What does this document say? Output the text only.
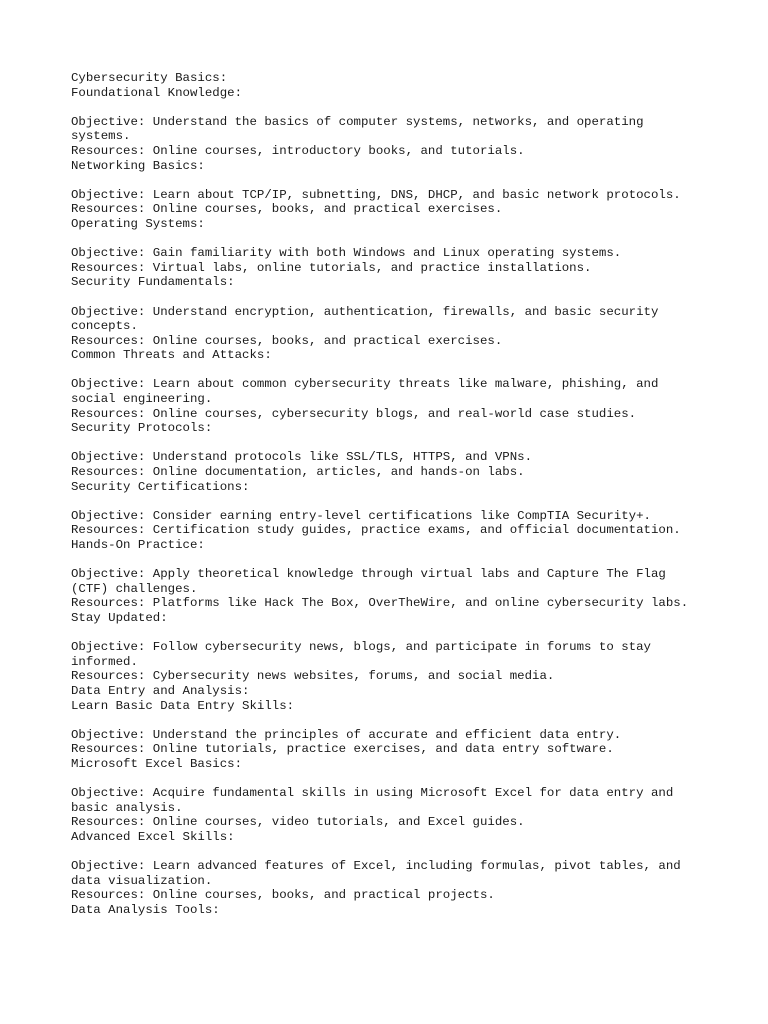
Cybersecurity Basics:
Foundational Knowledge:
Objective: Understand the basics of computer systems, networks, and operating
systems.
Resources: Online courses, introductory books, and tutorials.
Networking Basics:
Objective: Learn about TCP/IP, subnetting, DNS, DHCP, and basic network protocols.
Resources: Online courses, books, and practical exercises.
Operating Systems:
Objective: Gain familiarity with both Windows and Linux operating systems.
Resources: Virtual labs, online tutorials, and practice installations.
Security Fundamentals:
Objective: Understand encryption, authentication, firewalls, and basic security
concepts.
Resources: Online courses, books, and practical exercises.
Common Threats and Attacks:
Objective: Learn about common cybersecurity threats like malware, phishing, and
social engineering.
Resources: Online courses, cybersecurity blogs, and real-world case studies.
Security Protocols:
Objective: Understand protocols like SSL/TLS, HTTPS, and VPNs.
Resources: Online documentation, articles, and hands-on labs.
Security Certifications:
Objective: Consider earning entry-level certifications like CompTIA Security+.
Resources: Certification study guides, practice exams, and official documentation.
Hands-On Practice:
Objective: Apply theoretical knowledge through virtual labs and Capture The Flag
(CTF) challenges.
Resources: Platforms like Hack The Box, OverTheWire, and online cybersecurity labs.
Stay Updated:
Objective: Follow cybersecurity news, blogs, and participate in forums to stay
informed.
Resources: Cybersecurity news websites, forums, and social media.
Data Entry and Analysis:
Learn Basic Data Entry Skills:
Objective: Understand the principles of accurate and efficient data entry.
Resources: Online tutorials, practice exercises, and data entry software.
Microsoft Excel Basics:
Objective: Acquire fundamental skills in using Microsoft Excel for data entry and
basic analysis.
Resources: Online courses, video tutorials, and Excel guides.
Advanced Excel Skills:
Objective: Learn advanced features of Excel, including formulas, pivot tables, and
data visualization.
Resources: Online courses, books, and practical projects.
Data Analysis Tools:
